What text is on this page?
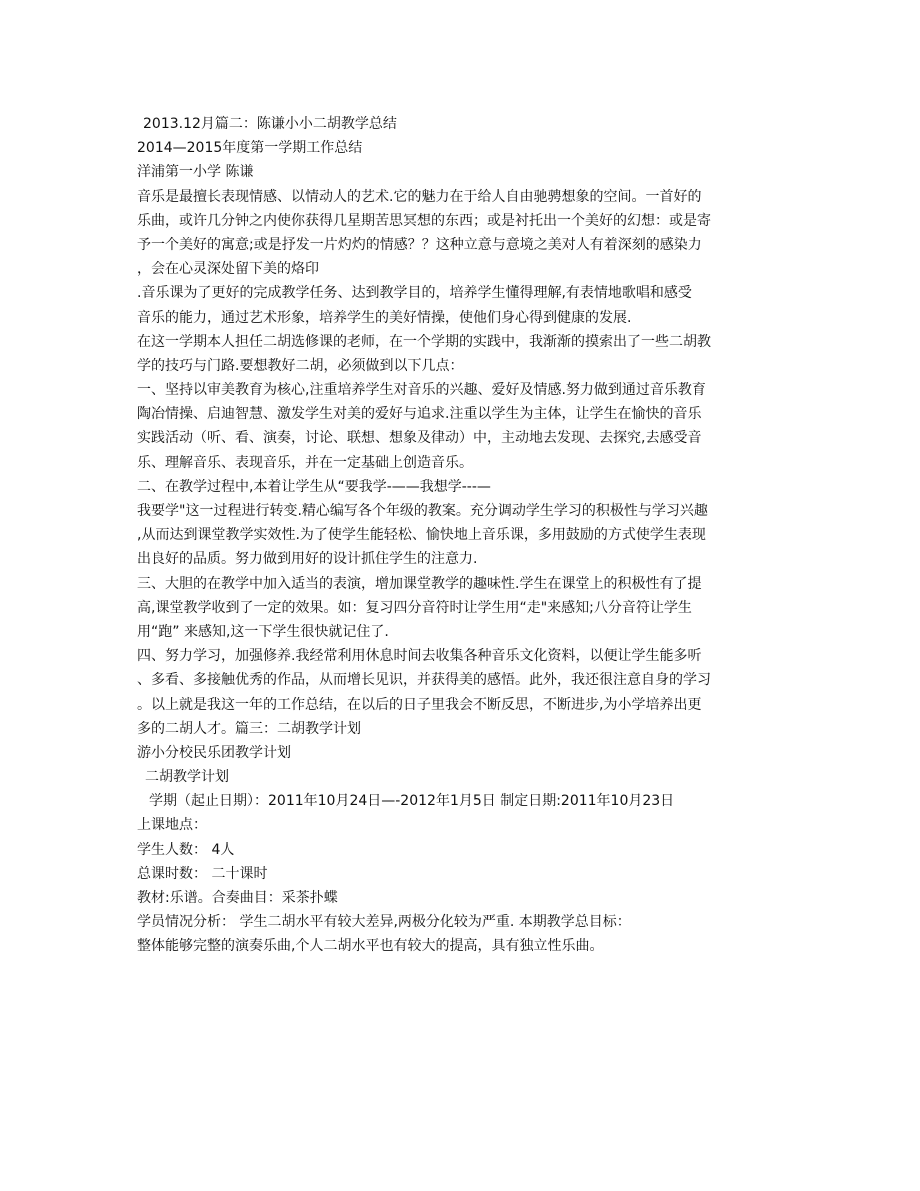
2013.12月篇二：陈谦小小二胡教学总结
2014—2015年度第一学期工作总结
洋浦第一小学 陈谦
音乐是最擅长表现情感、以情动人的艺术.它的魅力在于给人自由驰骋想象的空间。一首好的
乐曲，或许几分钟之内使你获得几星期苦思冥想的东西；或是衬托出一个美好的幻想：或是寄
予一个美好的寓意;或是抒发一片灼灼的情感？？这种立意与意境之美对人有着深刻的感染力
，会在心灵深处留下美的烙印
.音乐课为了更好的完成教学任务、达到教学目的，培养学生懂得理解,有表情地歌唱和感受
音乐的能力，通过艺术形象，培养学生的美好情操，使他们身心得到健康的发展.
在这一学期本人担任二胡选修课的老师，在一个学期的实践中，我渐渐的摸索出了一些二胡教
学的技巧与门路.要想教好二胡，必须做到以下几点：
一、坚持以审美教育为核心,注重培养学生对音乐的兴趣、爱好及情感.努力做到通过音乐教育
陶冶情操、启迪智慧、激发学生对美的爱好与追求.注重以学生为主体，让学生在愉快的音乐
实践活动（听、看、演奏，讨论、联想、想象及律动）中，主动地去发现、去探究,去感受音
乐、理解音乐、表现音乐，并在一定基础上创造音乐。
二、在教学过程中,本着让学生从“要我学-——我想学---—
我要学"这一过程进行转变.精心编写各个年级的教案。充分调动学生学习的积极性与学习兴趣
,从而达到课堂教学实效性.为了使学生能轻松、愉快地上音乐课，多用鼓励的方式使学生表现
出良好的品质。努力做到用好的设计抓住学生的注意力.
三、大胆的在教学中加入适当的表演，增加课堂教学的趣味性.学生在课堂上的积极性有了提
高,课堂教学收到了一定的效果。如：复习四分音符时让学生用“走"来感知;八分音符让学生
用“跑” 来感知,这一下学生很快就记住了.
四、努力学习，加强修养.我经常利用休息时间去收集各种音乐文化资料，以便让学生能多听
、多看、多接触优秀的作品，从而增长见识，并获得美的感悟。此外，我还很注意自身的学习
。以上就是我这一年的工作总结，在以后的日子里我会不断反思，不断进步,为小学培养出更
多的二胡人才。篇三：二胡教学计划
游小分校民乐团教学计划
二胡教学计划
学期（起止日期）：2011年10月24日—-2012年1月5日 制定日期:2011年10月23日
上课地点：
学生人数： 4人
总课时数： 二十课时
教材:乐谱。合奏曲目：采茶扑蝶
学员情况分析： 学生二胡水平有较大差异,两极分化较为严重. 本期教学总目标：
整体能够完整的演奏乐曲,个人二胡水平也有较大的提高，具有独立性乐曲。
